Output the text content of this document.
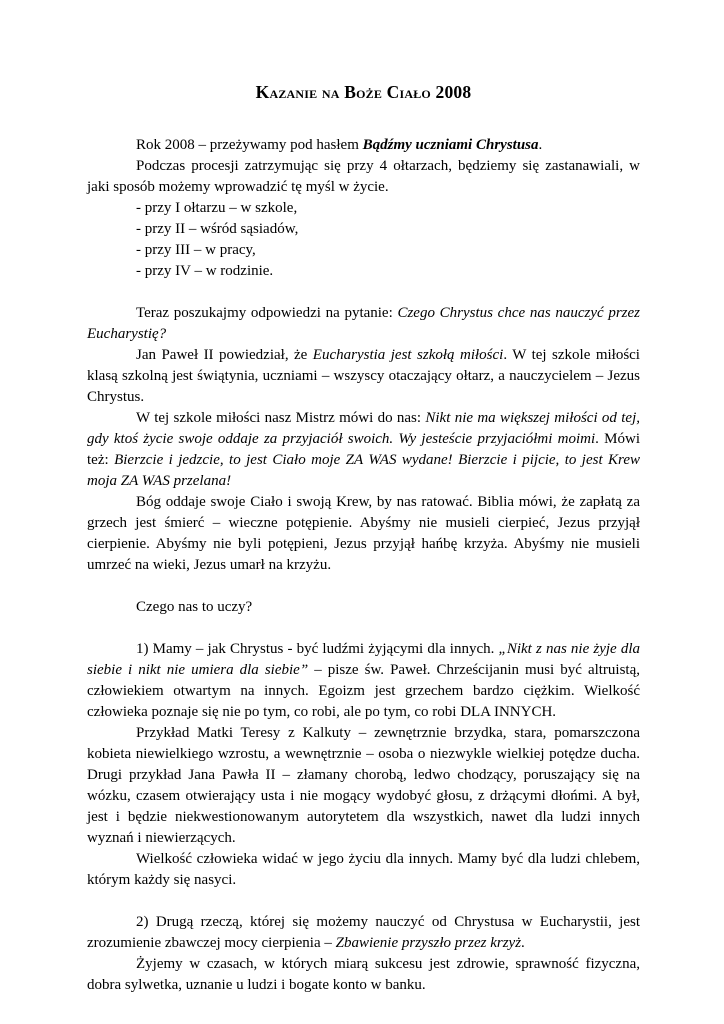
Kazanie na Boże Ciało 2008

Rok 2008 – przeżywamy pod hasłem Bądźmy uczniami Chrystusa.

Podczas procesji zatrzymując się przy 4 ołtarzach, będziemy się zastanawiali, w jaki sposób możemy wprowadzić tę myśl w życie.

- przy I ołtarzu – w szkole,

- przy II – wśród sąsiadów,

- przy III – w pracy,

- przy IV – w rodzinie.

Teraz poszukajmy odpowiedzi na pytanie: Czego Chrystus chce nas nauczyć przez Eucharystię?

Jan Paweł II powiedział, że Eucharystia jest szkołą miłości. W tej szkole miłości klasą szkolną jest świątynia, uczniami – wszyscy otaczający ołtarz, a nauczycielem – Jezus Chrystus.

W tej szkole miłości nasz Mistrz mówi do nas: Nikt nie ma większej miłości od tej, gdy ktoś życie swoje oddaje za przyjaciół swoich. Wy jesteście przyjaciółmi moimi. Mówi też: Bierzcie i jedzcie, to jest Ciało moje ZA WAS wydane! Bierzcie i pijcie, to jest Krew moja ZA WAS przelana!

Bóg oddaje swoje Ciało i swoją Krew, by nas ratować. Biblia mówi, że zapłatą za grzech jest śmierć – wieczne potępienie. Abyśmy nie musieli cierpieć, Jezus przyjął cierpienie. Abyśmy nie byli potępieni, Jezus przyjął hańbę krzyża. Abyśmy nie musieli umrzeć na wieki, Jezus umarł na krzyżu.

Czego nas to uczy?

1) Mamy – jak Chrystus - być ludźmi żyjącymi dla innych. „Nikt z nas nie żyje dla siebie i nikt nie umiera dla siebie” – pisze św. Paweł. Chrześcijanin musi być altruistą, człowiekiem otwartym na innych. Egoizm jest grzechem bardzo ciężkim. Wielkość człowieka poznaje się nie po tym, co robi, ale po tym, co robi DLA INNYCH.

Przykład Matki Teresy z Kalkuty – zewnętrznie brzydka, stara, pomarszczona kobieta niewielkiego wzrostu, a wewnętrznie – osoba o niezwykle wielkiej potędze ducha. Drugi przykład Jana Pawła II – złamany chorobą, ledwo chodzący, poruszający się na wózku, czasem otwierający usta i nie mogący wydobyć głosu, z drżącymi dłońmi. A był, jest i będzie niekwestionowanym autorytetem dla wszystkich, nawet dla ludzi innych wyznań i niewierzących.

Wielkość człowieka widać w jego życiu dla innych. Mamy być dla ludzi chlebem, którym każdy się nasyci.

2) Drugą rzeczą, której się możemy nauczyć od Chrystusa w Eucharystii, jest zrozumienie zbawczej mocy cierpienia – Zbawienie przyszło przez krzyż.

Żyjemy w czasach, w których miarą sukcesu jest zdrowie, sprawność fizyczna, dobra sylwetka, uznanie u ludzi i bogate konto w banku.
